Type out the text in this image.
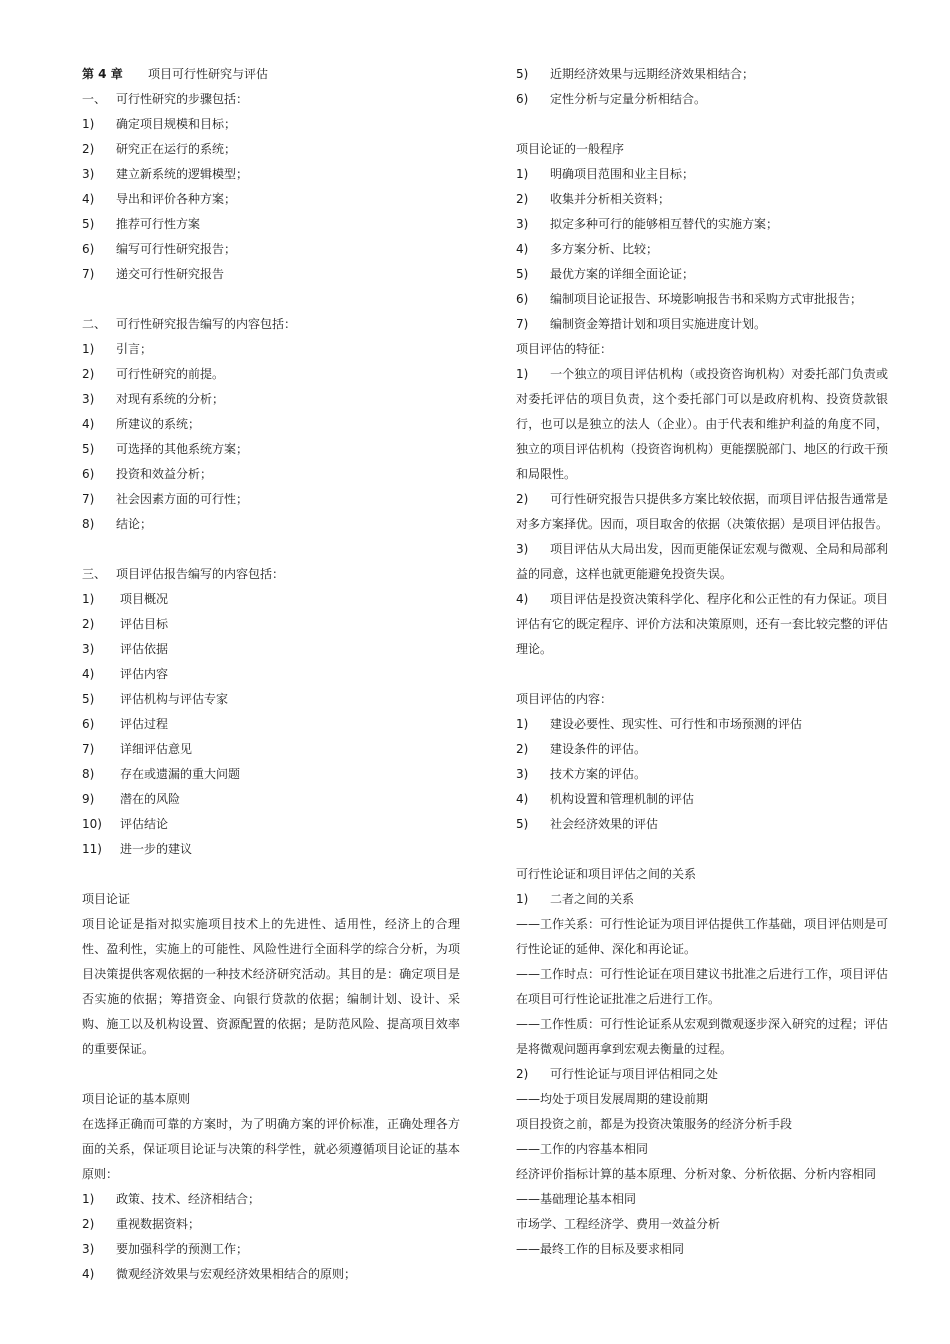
第 4 章 项目可行性研究与评估
一、 可行性研究的步骤包括：
1) 确定项目规模和目标；
2) 研究正在运行的系统；
3) 建立新系统的逻辑模型；
4) 导出和评价各种方案；
5) 推荐可行性方案
6) 编写可行性研究报告；
7) 递交可行性研究报告
二、 可行性研究报告编写的内容包括：
1) 引言；
2) 可行性研究的前提。
3) 对现有系统的分析；
4) 所建议的系统；
5) 可选择的其他系统方案；
6) 投资和效益分析；
7) 社会因素方面的可行性；
8) 结论；
三、 项目评估报告编写的内容包括：
1) 项目概况
2) 评估目标
3) 评估依据
4) 评估内容
5) 评估机构与评估专家
6) 评估过程
7) 详细评估意见
8) 存在或遗漏的重大问题
9) 潜在的风险
10) 评估结论
11) 进一步的建议
项目论证
项目论证是指对拟实施项目技术上的先进性、适用性，经济上的合理性、盈利性，实施上的可能性、风险性进行全面科学的综合分析，为项目决策提供客观依据的一种技术经济研究活动。其目的是：确定项目是否实施的依据；筹措资金、向银行贷款的依据；编制计划、设计、采购、施工以及机构设置、资源配置的依据；是防范风险、提高项目效率的重要保证。
项目论证的基本原则
在选择正确而可靠的方案时，为了明确方案的评价标准，正确处理各方面的关系，保证项目论证与决策的科学性，就必须遵循项目论证的基本原则：
1) 政策、技术、经济相结合；
2) 重视数据资料；
3) 要加强科学的预测工作；
4) 微观经济效果与宏观经济效果相结合的原则；
5) 近期经济效果与远期经济效果相结合；
6) 定性分析与定量分析相结合。
项目论证的一般程序
1) 明确项目范围和业主目标；
2) 收集并分析相关资料；
3) 拟定多种可行的能够相互替代的实施方案；
4) 多方案分析、比较；
5) 最优方案的详细全面论证；
6) 编制项目论证报告、环境影响报告书和采购方式审批报告；
7) 编制资金筹措计划和项目实施进度计划。
项目评估的特征：
1) 一个独立的项目评估机构（或投资咨询机构）对委托部门负责或对委托评估的项目负责，这个委托部门可以是政府机构、投资贷款银行，也可以是独立的法人（企业）。由于代表和维护利益的角度不同，独立的项目评估机构（投资咨询机构）更能摆脱部门、地区的行政干预和局限性。
2) 可行性研究报告只提供多方案比较依据，而项目评估报告通常是对多方案择优。因而，项目取舍的依据（决策依据）是项目评估报告。
3) 项目评估从大局出发，因而更能保证宏观与微观、全局和局部利益的同意，这样也就更能避免投资失误。
4) 项目评估是投资决策科学化、程序化和公正性的有力保证。项目评估有它的既定程序、评价方法和决策原则，还有一套比较完整的评估理论。
项目评估的内容：
1) 建设必要性、现实性、可行性和市场预测的评估
2) 建设条件的评估。
3) 技术方案的评估。
4) 机构设置和管理机制的评估
5) 社会经济效果的评估
可行性论证和项目评估之间的关系
1) 二者之间的关系
——工作关系：可行性论证为项目评估提供工作基础，项目评估则是可行性论证的延伸、深化和再论证。
——工作时点：可行性论证在项目建议书批准之后进行工作，项目评估在项目可行性论证批准之后进行工作。
——工作性质：可行性论证系从宏观到微观逐步深入研究的过程；评估是将微观问题再拿到宏观去衡量的过程。
2) 可行性论证与项目评估相同之处
——均处于项目发展周期的建设前期
项目投资之前，都是为投资决策服务的经济分析手段
——工作的内容基本相同
经济评价指标计算的基本原理、分析对象、分析依据、分析内容相同
——基础理论基本相同
市场学、工程经济学、费用一效益分析
——最终工作的目标及要求相同
